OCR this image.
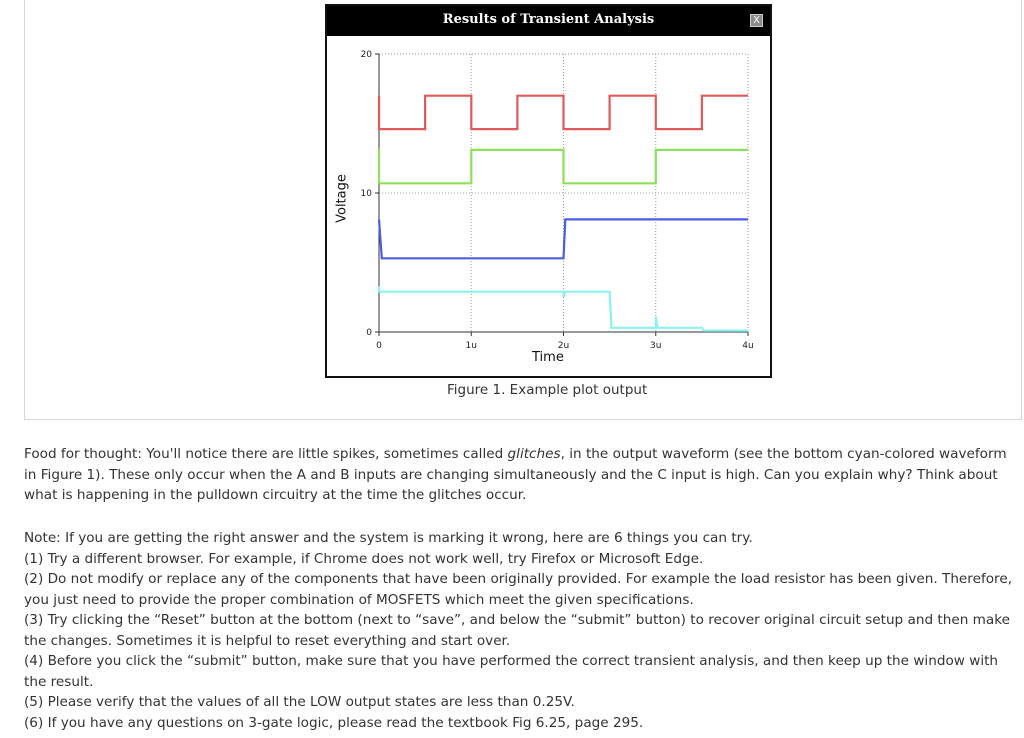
Results of Transient Analysis	X
0	1u	2u	3u	4u
0
10
20
Voltage
Time
Figure 1. Example plot output

Food for thought: You'll notice there are little spikes, sometimes called glitches, in the output waveform (see the bottom cyan-colored waveform in Figure 1). These only occur when the A and B inputs are changing simultaneously and the C input is high. Can you explain why? Think about what is happening in the pulldown circuitry at the time the glitches occur.

Note: If you are getting the right answer and the system is marking it wrong, here are 6 things you can try.
(1) Try a different browser. For example, if Chrome does not work well, try Firefox or Microsoft Edge.
(2) Do not modify or replace any of the components that have been originally provided. For example the load resistor has been given. Therefore, you just need to provide the proper combination of MOSFETS which meet the given specifications.
(3) Try clicking the “Reset” button at the bottom (next to “save”, and below the “submit” button) to recover original circuit setup and then make the changes. Sometimes it is helpful to reset everything and start over.
(4) Before you click the “submit” button, make sure that you have performed the correct transient analysis, and then keep up the window with the result.
(5) Please verify that the values of all the LOW output states are less than 0.25V.
(6) If you have any questions on 3-gate logic, please read the textbook Fig 6.25, page 295.
